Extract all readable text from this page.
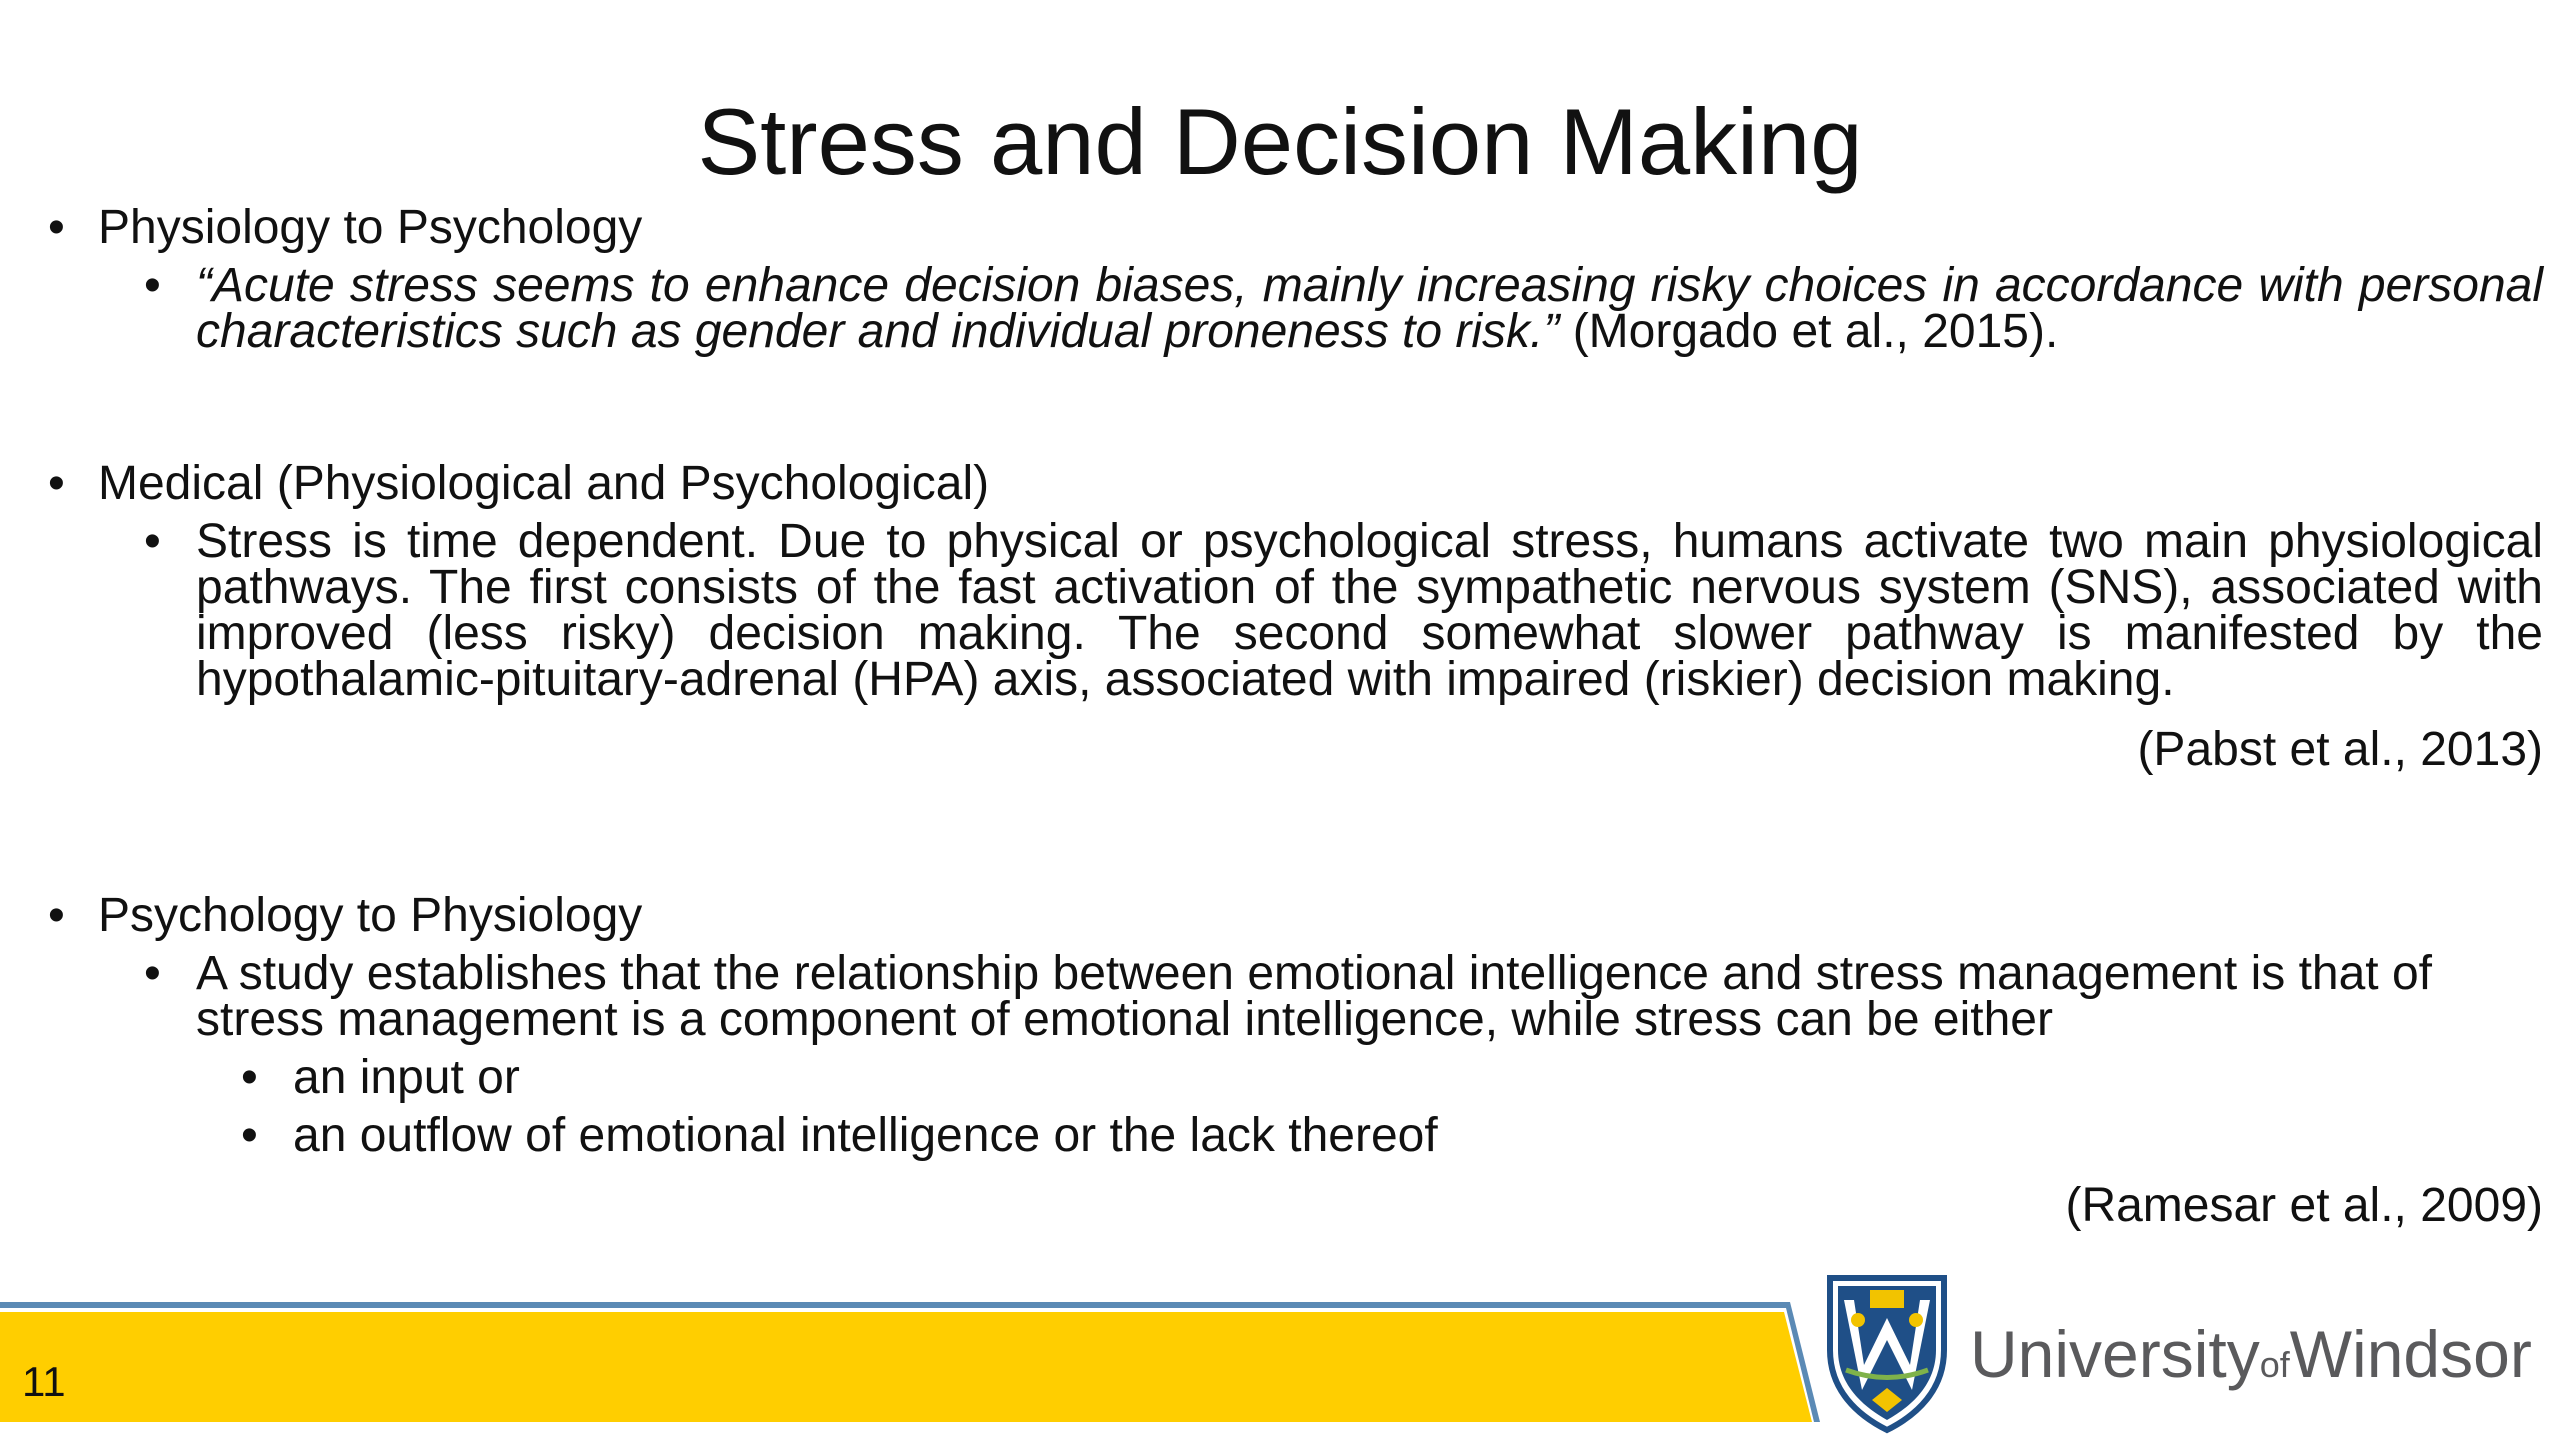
Stress and Decision Making
• Physiology to Psychology
• “Acute stress seems to enhance decision biases, mainly increasing risky choices in accordance with personal characteristics such as gender and individual proneness to risk.” (Morgado et al., 2015).
• Medical (Physiological and Psychological)
• Stress is time dependent. Due to physical or psychological stress, humans activate two main physiological pathways. The first consists of the fast activation of the sympathetic nervous system (SNS), associated with improved (less risky) decision making. The second somewhat slower pathway is manifested by the hypothalamic-pituitary-adrenal (HPA) axis, associated with impaired (riskier) decision making.
(Pabst et al., 2013)
• Psychology to Physiology
• A study establishes that the relationship between emotional intelligence and stress management is that of stress management is a component of emotional intelligence, while stress can be either
• an input or
• an outflow of emotional intelligence or the lack thereof
(Ramesar et al., 2009)
11	UniversityofWindsor
